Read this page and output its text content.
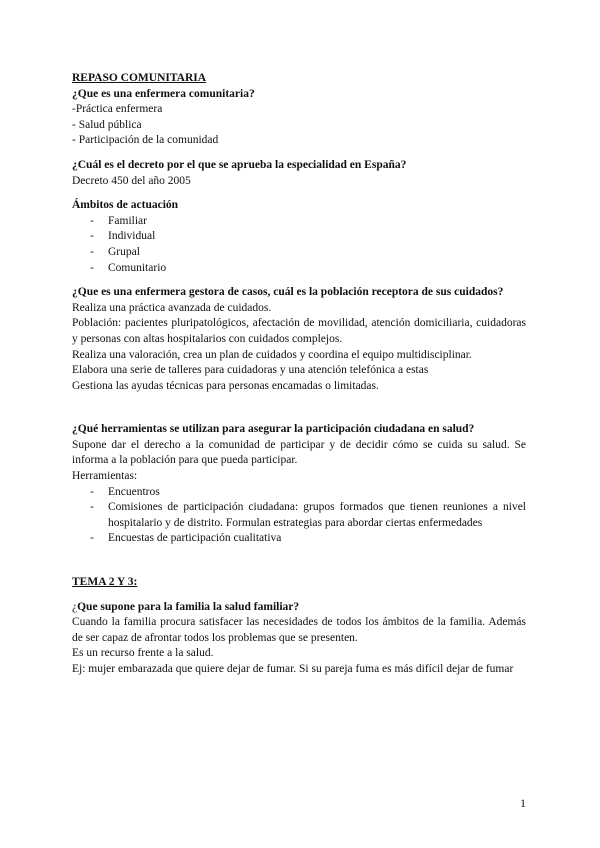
REPASO COMUNITARIA

¿Que es una enfermera comunitaria?

-Práctica enfermera

- Salud pública

- Participación de la comunidad

¿Cuál es el decreto por el que se aprueba la especialidad en España?

Decreto 450 del año 2005

Ámbitos de actuación

- Familiar
- Individual
- Grupal
- Comunitario

¿Que es una enfermera gestora de casos, cuál es la población receptora de sus cuidados?

Realiza una práctica avanzada de cuidados.

Población: pacientes pluripatológicos, afectación de movilidad, atención domiciliaria, cuidadoras y personas con altas hospitalarios con cuidados complejos.

Realiza una valoración, crea un plan de cuidados y coordina el equipo multidisciplinar.

Elabora una serie de talleres para cuidadoras y una atención telefónica a estas

Gestiona las ayudas técnicas para personas encamadas o limitadas.

¿Qué herramientas se utilizan para asegurar la participación ciudadana en salud?

Supone dar el derecho a la comunidad de participar y de decidir cómo se cuida su salud. Se informa a la población para que pueda participar.

Herramientas:

- Encuentros
- Comisiones de participación ciudadana: grupos formados que tienen reuniones a nivel hospitalario y de distrito. Formulan estrategias para abordar ciertas enfermedades
- Encuestas de participación cualitativa

TEMA 2 Y 3:

¿Que supone para la familia la salud familiar?

Cuando la familia procura satisfacer las necesidades de todos los ámbitos de la familia. Además de ser capaz de afrontar todos los problemas que se presenten.

Es un recurso frente a la salud.

Ej: mujer embarazada que quiere dejar de fumar. Si su pareja fuma es más difícil dejar de fumar

1
